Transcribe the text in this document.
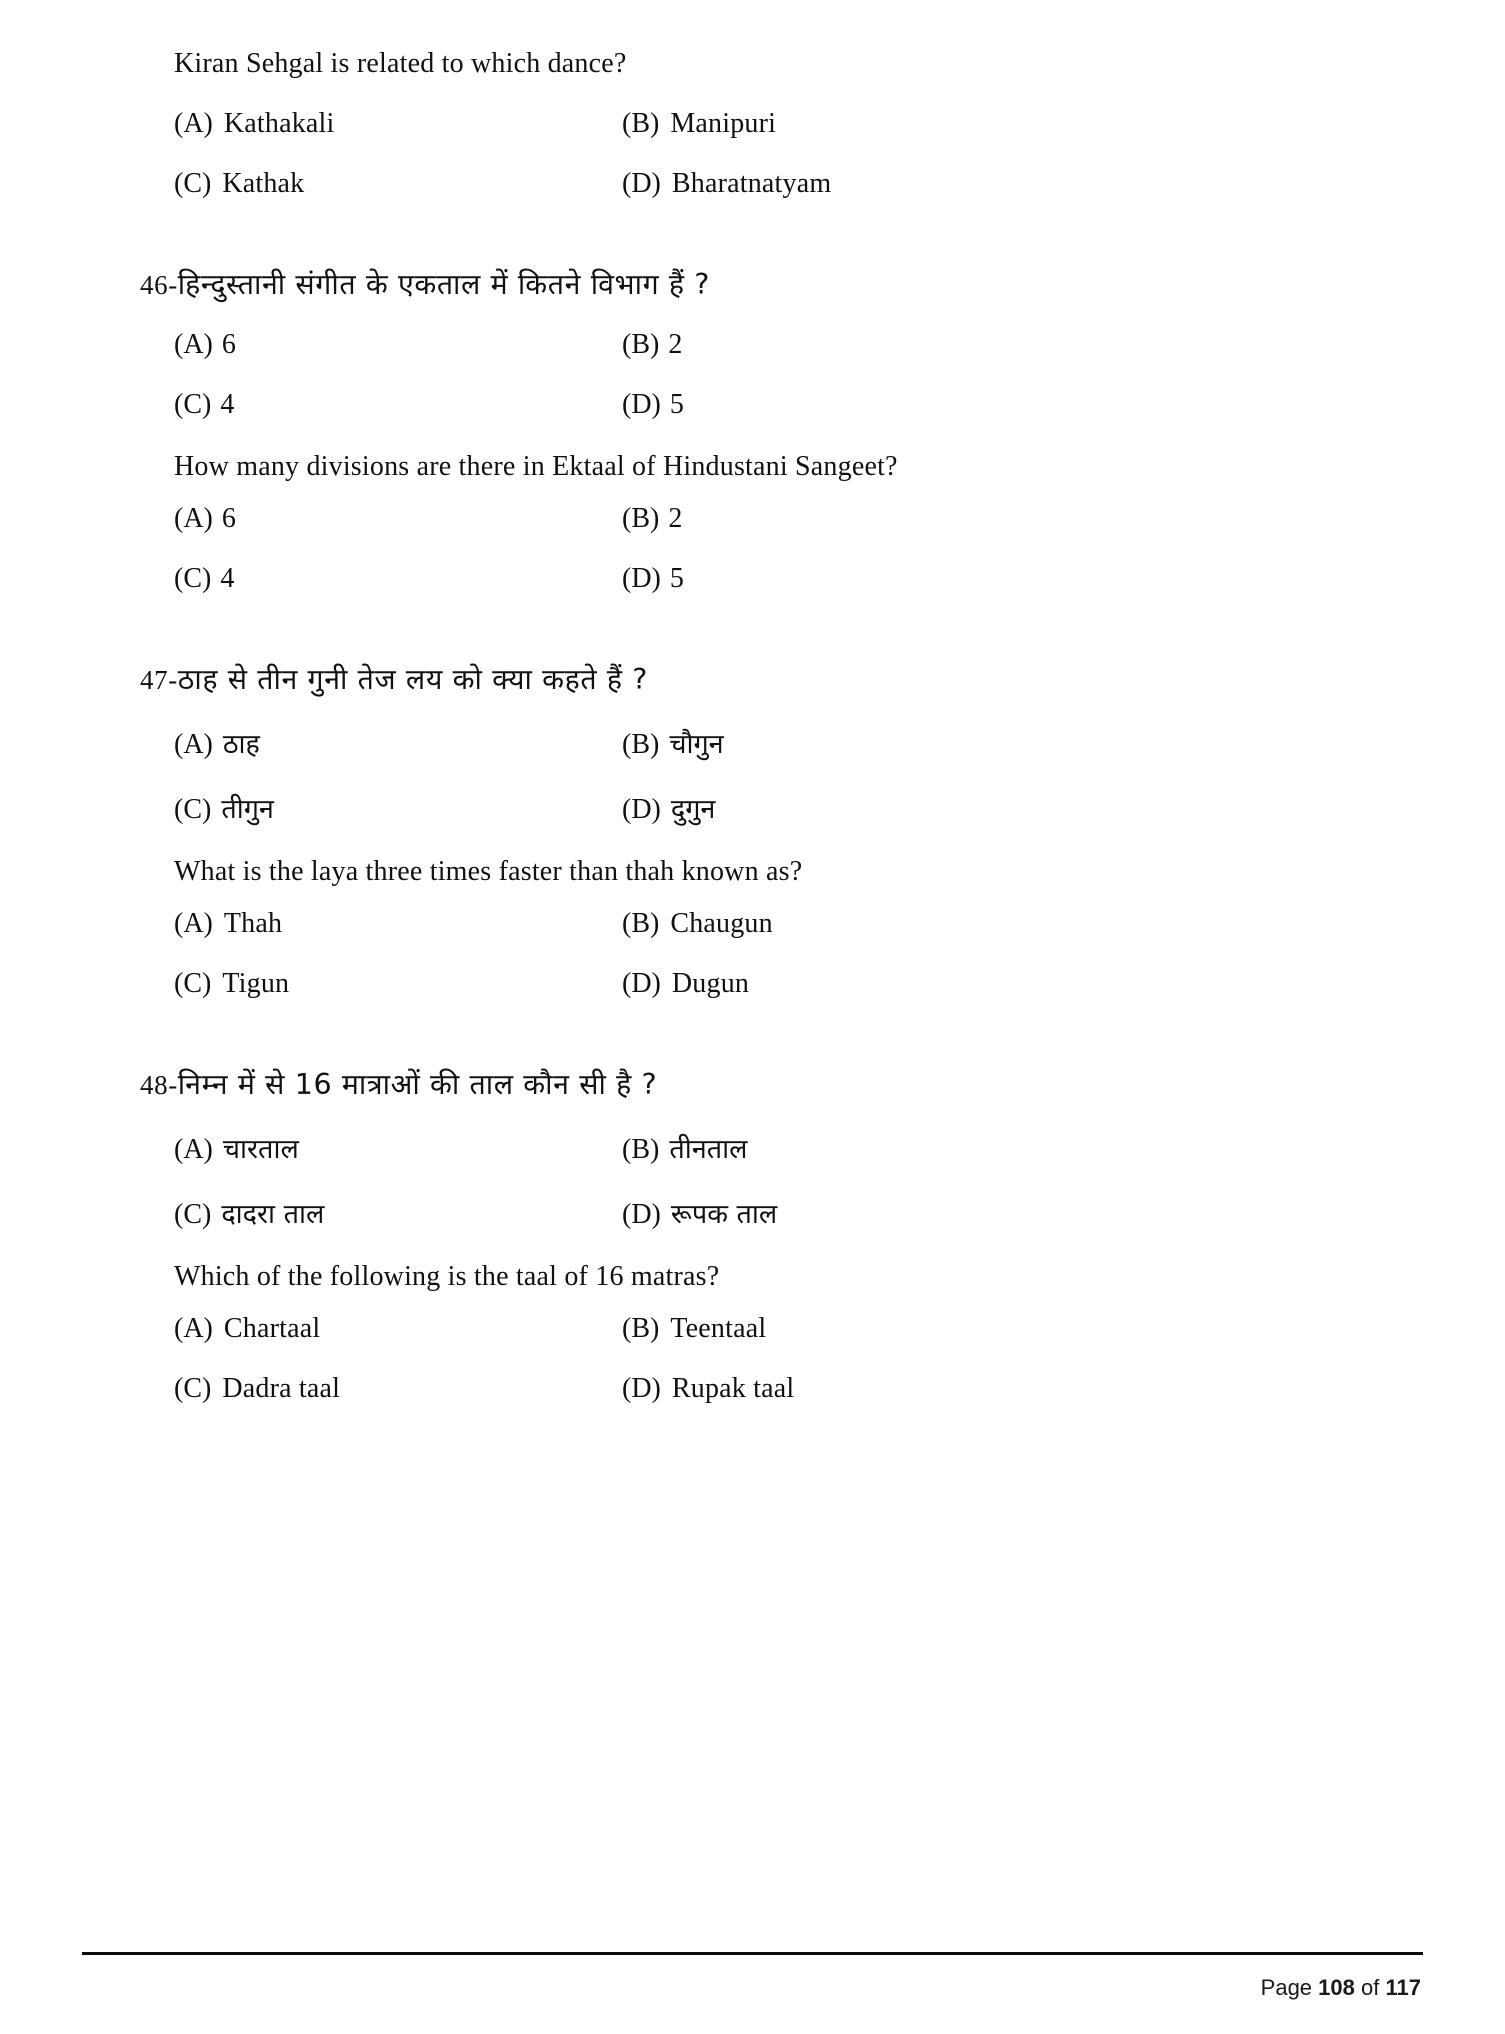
Kiran Sehgal is related to which dance?
(A) Kathakali	(B) Manipuri
(C) Kathak	(D) Bharatnatyam
46-हिन्दुस्तानी संगीत के एकताल में कितने विभाग हैं ?
(A) 6	(B) 2
(C) 4	(D) 5
How many divisions are there in Ektaal of Hindustani Sangeet?
(A) 6	(B) 2
(C) 4	(D) 5
47-ठाह से तीन गुनी तेज लय को क्या कहते हैं ?
(A) ठाह	(B) चौगुन
(C) तीगुन	(D) दुगुन
What is the laya three times faster than thah known as?
(A) Thah	(B) Chaugun
(C) Tigun	(D) Dugun
48-निम्न में से 16 मात्राओं की ताल कौन सी है ?
(A) चारताल	(B) तीनताल
(C) दादरा ताल	(D) रूपक ताल
Which of the following is the taal of 16 matras?
(A) Chartaal	(B) Teentaal
(C) Dadra taal	(D) Rupak taal
Page 108 of 117
